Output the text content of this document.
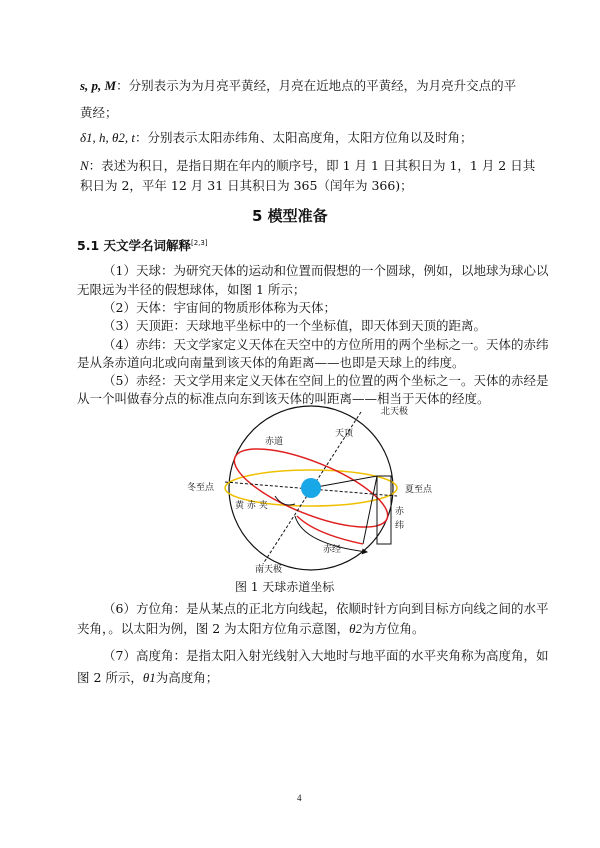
s, p, M：分别表示为为月亮平黄经，月亮在近地点的平黄经，为月亮升交点的平
黄经；
δ1, h, θ2, t：分别表示太阳赤纬角、太阳高度角，太阳方位角以及时角；
N：表述为积日，是指日期在年内的顺序号，即 1 月 1 日其积日为 1，1 月 2 日其
积日为 2，平年 12 月 31 日其积日为 365（闰年为 366)；
5 模型准备
5.1 天文学名词解释[2,3]
（1）天球：为研究天体的运动和位置而假想的一个圆球，例如，以地球为球心以
无限远为半径的假想球体，如图 1 所示；
（2）天体：宇宙间的物质形体称为天体；
（3）天顶距：天球地平坐标中的一个坐标值，即天体到天顶的距离。
（4）赤纬：天文学家定义天体在天空中的方位所用的两个坐标之一。天体的赤纬
是从条赤道向北或向南量到该天体的角距离——也即是天球上的纬度。
（5）赤经：天文学用来定义天体在空间上的位置的两个坐标之一。天体的赤经是
从一个叫做春分点的标准点向东到该天体的叫距离——相当于天体的经度。
北天极
南天极
赤道
天顶
冬至点	夏至点
黄 赤 夹
赤
纬
赤经
图 1 天球赤道坐标
（6）方位角：是从某点的正北方向线起，依顺时针方向到目标方向线之间的水平
夹角，。以太阳为例，图 2 为太阳方位角示意图，θ2为方位角。
（7）高度角：是指太阳入射光线射入大地时与地平面的水平夹角称为高度角，如
图 2 所示，θ1为高度角；
4
